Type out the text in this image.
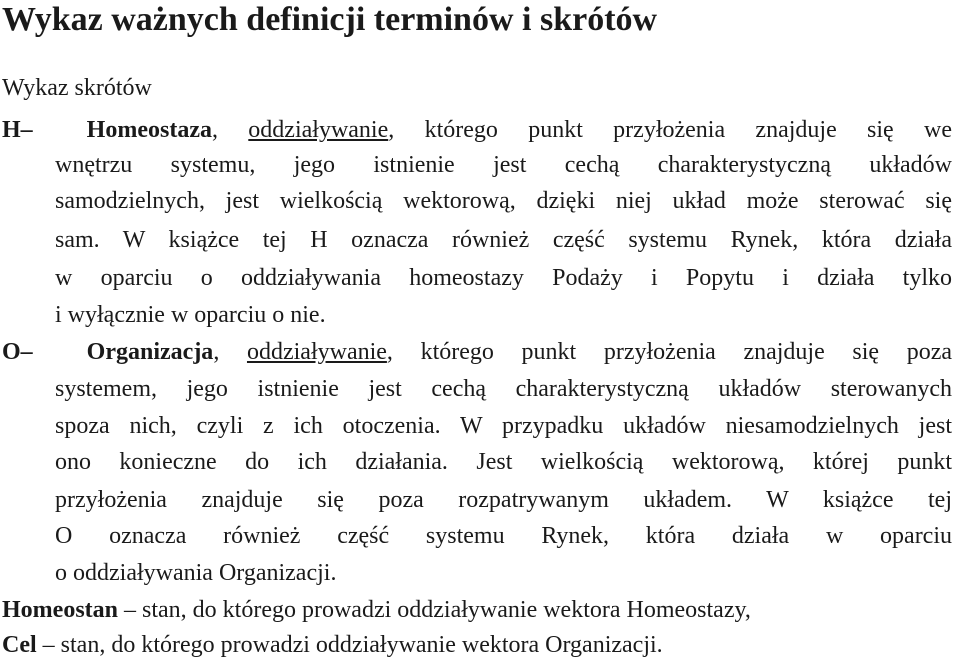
Wykaz ważnych definicji terminów i skrótów

Wykaz skrótów

H– Homeostaza, oddziaływanie, którego punkt przyłożenia znajduje się we
wnętrzu systemu, jego istnienie jest cechą charakterystyczną układów
samodzielnych, jest wielkością wektorową, dzięki niej układ może sterować się
sam. W książce tej H oznacza również część systemu Rynek, która działa
w oparciu o oddziaływania homeostazy Podaży i Popytu i działa tylko
i wyłącznie w oparciu o nie.
O– Organizacja, oddziaływanie, którego punkt przyłożenia znajduje się poza
systemem, jego istnienie jest cechą charakterystyczną układów sterowanych
spoza nich, czyli z ich otoczenia. W przypadku układów niesamodzielnych jest
ono konieczne do ich działania. Jest wielkością wektorową, której punkt
przyłożenia znajduje się poza rozpatrywanym układem. W książce tej
O oznacza również część systemu Rynek, która działa w oparciu
o oddziaływania Organizacji.
Homeostan – stan, do którego prowadzi oddziaływanie wektora Homeostazy,
Cel – stan, do którego prowadzi oddziaływanie wektora Organizacji.
